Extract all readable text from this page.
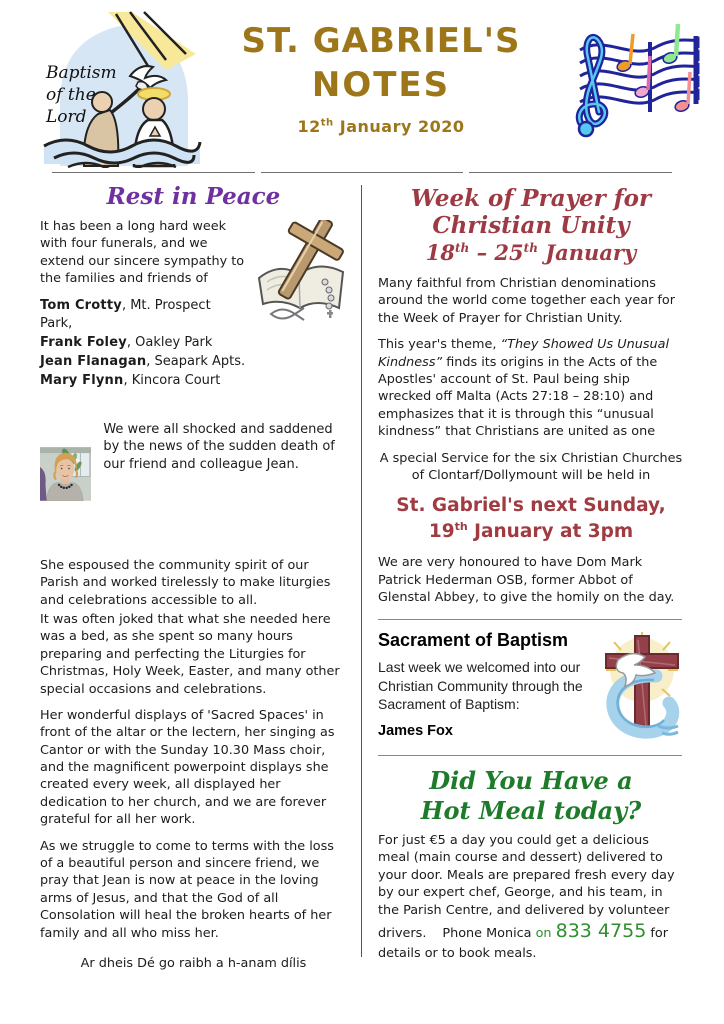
Baptism
of the
Lord
ST. GABRIEL'S
NOTES
12th January 2020
Rest in Peace

It has been a long hard week with four funerals, and we extend our sincere sympathy to the families and friends of

Tom Crotty, Mt. Prospect Park,
Frank Foley, Oakley Park
Jean Flanagan, Seapark Apts.
Mary Flynn, Kincora Court
We were all shocked and saddened by the news of the sudden death of our friend and colleague Jean.

She espoused the community spirit of our Parish and worked tirelessly to make liturgies and celebrations accessible to all.

It was often joked that what she needed here was a bed, as she spent so many hours preparing and perfecting the Liturgies for Christmas, Holy Week, Easter, and many other special occasions and celebrations.

Her wonderful displays of 'Sacred Spaces' in front of the altar or the lectern, her singing as Cantor or with the Sunday 10.30 Mass choir, and the magnificent powerpoint displays she created every week, all displayed her dedication to her church, and we are forever grateful for all her work.

As we struggle to come to terms with the loss of a beautiful person and sincere friend, we pray that Jean is now at peace in the loving arms of Jesus, and that the God of all Consolation will heal the broken hearts of her family and all who miss her.

Ar dheis Dé go raibh a h-anam dílis
Week of Prayer for
Christian Unity
18th – 25th January

Many faithful from Christian denominations around the world come together each year for the Week of Prayer for Christian Unity.

This year's theme, “They Showed Us Unusual Kindness” finds its origins in the Acts of the Apostles' account of St. Paul being ship wrecked off Malta (Acts 27:18 – 28:10) and emphasizes that it is through this “unusual kindness” that Christians are united as one

A special Service for the six Christian Churches of Clontarf/Dollymount will be held in

St. Gabriel's next Sunday,
19th January at 3pm

We are very honoured to have Dom Mark Patrick Hederman OSB, former Abbot of Glenstal Abbey, to give the homily on the day.

Sacrament of Baptism
Last week we welcomed into our Christian Community through the Sacrament of Baptism:
James Fox
Did You Have a
Hot Meal today?

For just €5 a day you could get a delicious meal (main course and dessert) delivered to your door. Meals are prepared fresh every day by our expert chef, George, and his team, in the Parish Centre, and delivered by volunteer drivers. Phone Monica on 833 4755 for details or to book meals.
